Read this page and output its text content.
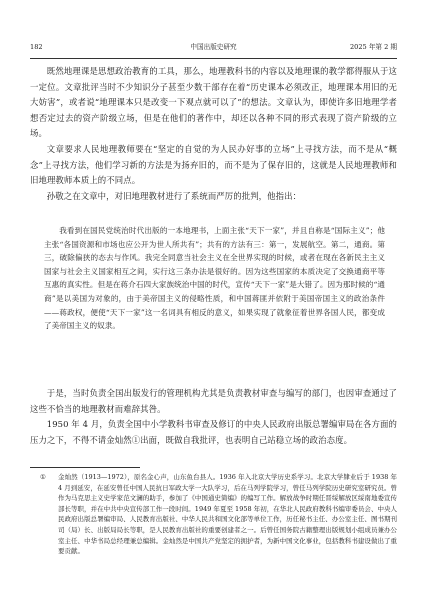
182	中国出版史研究	2025 年第 2 期

既然地理课是思想政治教育的工具，那么，地理教科书的内容以及地理课的教学都得服从于这一定位。文章批评当时不少知识分子甚至少数干部存在着“历史课本必须改正，地理课本用旧的无大妨害”，或者说“地理课本只是改变一下观点就可以了”的想法。文章认为，即使许多旧地理学者想否定过去的资产阶级立场，但是在他们的著作中，却还以各种不同的形式表现了资产阶级的立场。

文章要求人民地理教师要在“坚定的自觉的为人民办好事的立场”上寻找方法，而不是从“概念”上寻找方法，他们学习新的方法是为扬弃旧的，而不是为了保存旧的，这就是人民地理教师和旧地理教师本质上的不同点。

孙敬之在文章中，对旧地理教材进行了系统而严厉的批判，他指出：

我看到在国民党统治时代出版的一本地理书，上面主张“天下一家”，并且自称是“国际主义”；他主张“各国资源和市场也应公开为世人所共有”；共有的方法有三：第一，发展航空。第二，通商。第三，破除偏狭的态去与作风。我完全同意当社会主义在全世界实现的时候，或者在现在各新民主主义国家与社会主义国家相互之间，实行这三条办法是很好的。因为这些国家的本质决定了交换通商平等互惠的真实性。但是在蒋介石四大家族统治中国的时代，宣传“天下一家”是大错了。因为那时候的“通商”是以美国为对象的，由于美帝国主义的侵略性质，和中国蒋匪并依附于美国帝国主义的政治条件——蒋政权，便使“天下一家”这一名词具有相反的意义，如果实现了就象征着世界各国人民，都变成了美帝国主义的奴隶。

于是，当时负责全国出版发行的管理机构尤其是负责教材审查与编写的部门，也因审查通过了这些不恰当的地理教材而难辞其咎。

1950 年 4 月，负责全国中小学教科书审查及修订的中央人民政府出版总署编审局在各方面的压力之下，不得不请金灿然①出面，既做自我批评，也表明自己站稳立场的政治态度。

① 金灿然（1913—1972），原名金心声，山东鱼台县人。1936 年入北京大学历史系学习。北京大学肄业后于 1938 年 4 月到延安，在延安曾任中国人民抗日军政大学一大队学习，后在马列学院学习，曾任马列学院历史研究室研究员。曾作为马克思主义史学家范文澜的助手，参加了《中国通史简编》的编写工作。解放战争时期任晋绥解放区绥南地委宣传部长等职，并在中共中央宣传部工作一段时间。1949 年夏至 1958 年初，在华北人民政府教科书编审委员会、中央人民政府出版总署编审局、人民教育出版社、中华人民共和国文化部等单位工作，历任秘书主任、办公室主任、图书期刊司（局）长、出版局局长等职，是人民教育出版社的重要创建者之一。后曾任国务院古籍整理出版规划小组成员兼办公室主任、中华书局总经理兼总编辑。金灿然是中国共产党坚定的拥护者，为新中国文化事业，包括教科书建设做出了重要贡献。
